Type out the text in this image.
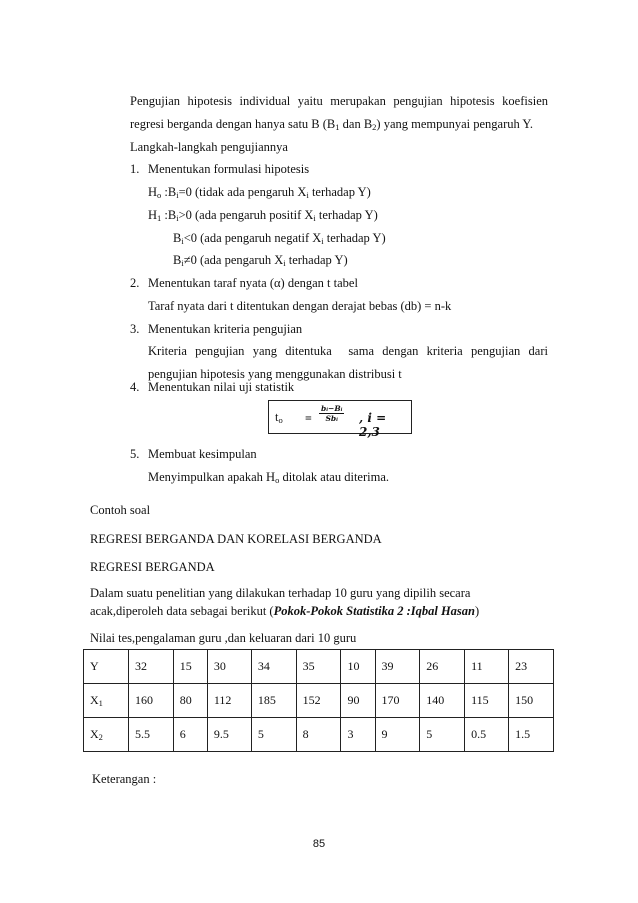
Pengujian hipotesis individual yaitu merupakan pengujian hipotesis koefisien
regresi berganda dengan hanya satu B ($B_1$ dan $B_2$) yang mempunyai pengaruh Y.
Langkah-langkah pengujiannya
1. Menentukan formulasi hipotesis
$H_o$ $:B_i=0$ (tidak ada pengaruh $X_i$ terhadap Y)
$H_1$ $:B_i>0$ (ada pengaruh positif $X_i$ terhadap Y)
$B_i<0$ (ada pengaruh negatif $X_i$ terhadap Y)
$B_i\ne 0$ (ada pengaruh $X_i$ terhadap Y)
2. Menentukan taraf nyata (α) dengan t tabel
Taraf nyata dari t ditentukan dengan derajat bebas (db) = n-k
3. Menentukan kriteria pengujian
Kriteria pengujian yang ditentuka  sama dengan kriteria pengujian dari
pengujian hipotesis yang menggunakan distribusi t
4. Menentukan nilai uji statistik
$t_o$ =
bᵢ−Bᵢ
Sbᵢ	, i = 2,3
5. Membuat kesimpulan
Menyimpulkan apakah $H_o$ ditolak atau diterima.
Contoh soal
REGRESI BERGANDA DAN KORELASI BERGANDA
REGRESI BERGANDA
Dalam suatu penelitian yang dilakukan terhadap 10 guru yang dipilih secara
acak,diperoleh data sebagai berikut (Pokok-Pokok Statistika 2 :Iqbal Hasan)
Nilai tes,pengalaman guru ,dan keluaran dari 10 guru
Y	32	15	30	34	35	10	39	26	11	23
$X_1$	160	80	112	185	152	90	170	140	115	150
$X_2$	5.5	6	9.5	5	8	3	9	5	0.5	1.5
Keterangan :
85
